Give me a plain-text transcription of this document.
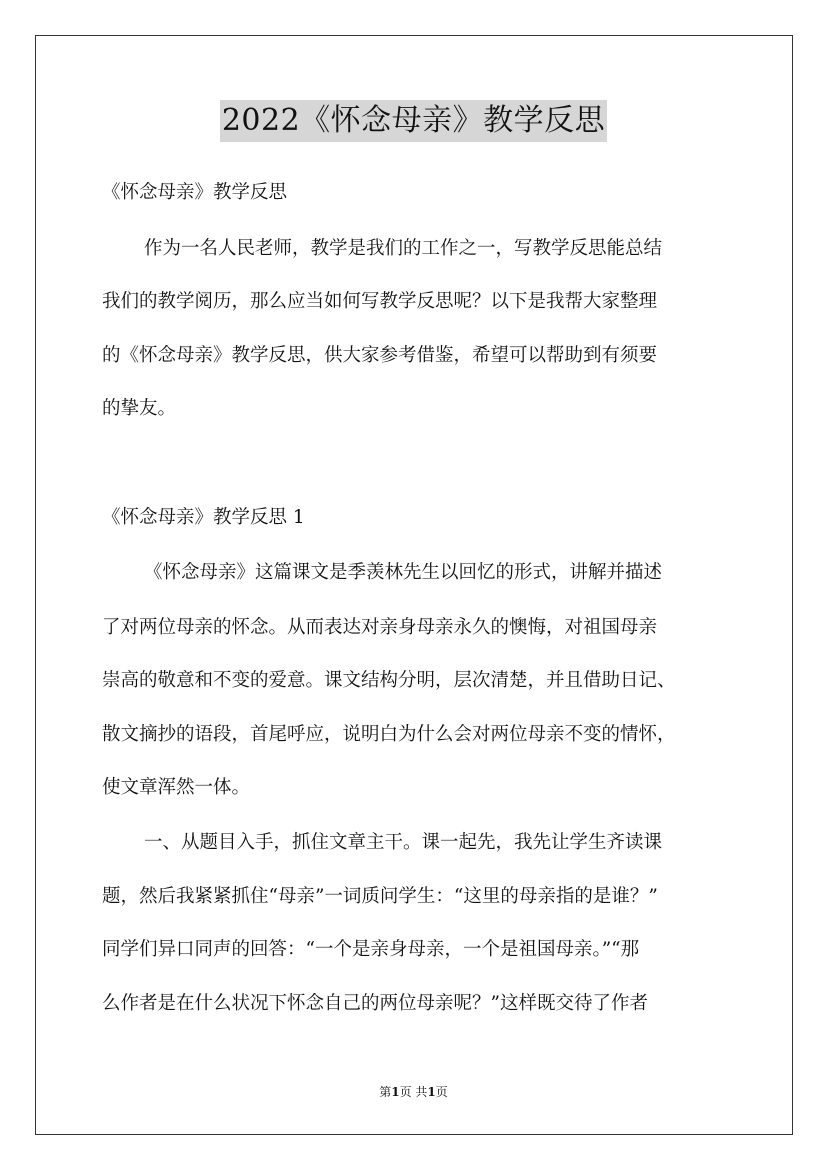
2022《怀念母亲》教学反思
《怀念母亲》教学反思
作为一名人民老师，教学是我们的工作之一，写教学反思能总结
我们的教学阅历，那么应当如何写教学反思呢？以下是我帮大家整理
的《怀念母亲》教学反思，供大家参考借鉴，希望可以帮助到有须要
的挚友。
《怀念母亲》教学反思 1
《怀念母亲》这篇课文是季羡林先生以回忆的形式，讲解并描述
了对两位母亲的怀念。从而表达对亲身母亲永久的懊悔，对祖国母亲
崇高的敬意和不变的爱意。课文结构分明，层次清楚，并且借助日记、
散文摘抄的语段，首尾呼应，说明白为什么会对两位母亲不变的情怀，
使文章浑然一体。
一、从题目入手，抓住文章主干。课一起先，我先让学生齐读课
题，然后我紧紧抓住“母亲”一词质问学生：“这里的母亲指的是谁？”
同学们异口同声的回答：“一个是亲身母亲，一个是祖国母亲。”“那
么作者是在什么状况下怀念自己的两位母亲呢？”这样既交待了作者
第1页 共1页
